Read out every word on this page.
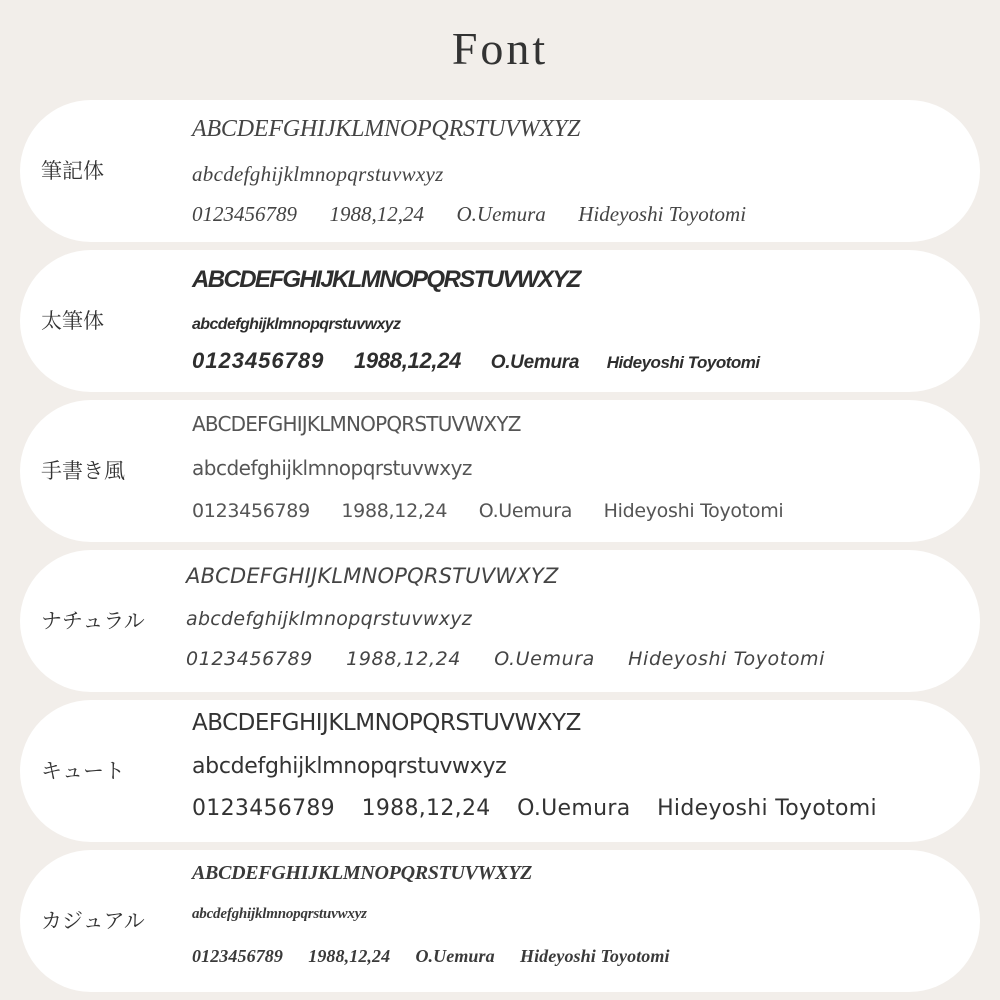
Font
筆記体
ABCDEFGHIJKLMNOPQRSTUVWXYZ
abcdefghijklmnopqrstuvwxyz
0123456789 1988,12,24 O.Uemura Hideyoshi Toyotomi
太筆体
ABCDEFGHIJKLMNOPQRSTUVWXYZ
abcdefghijklmnopqrstuvwxyz
0123456789 1988,12,24 O.Uemura Hideyoshi Toyotomi
手書き風
ABCDEFGHIJKLMNOPQRSTUVWXYZ
abcdefghijklmnopqrstuvwxyz
0123456789 1988,12,24 O.Uemura Hideyoshi Toyotomi
ナチュラル
ABCDEFGHIJKLMNOPQRSTUVWXYZ
abcdefghijklmnopqrstuvwxyz
0123456789 1988,12,24 O.Uemura Hideyoshi Toyotomi
キュート
ABCDEFGHIJKLMNOPQRSTUVWXYZ
abcdefghijklmnopqrstuvwxyz
0123456789 1988,12,24 O.Uemura Hideyoshi Toyotomi
カジュアル
ABCDEFGHIJKLMNOPQRSTUVWXYZ
abcdefghijklmnopqrstuvwxyz
0123456789 1988,12,24 O.Uemura Hideyoshi Toyotomi
